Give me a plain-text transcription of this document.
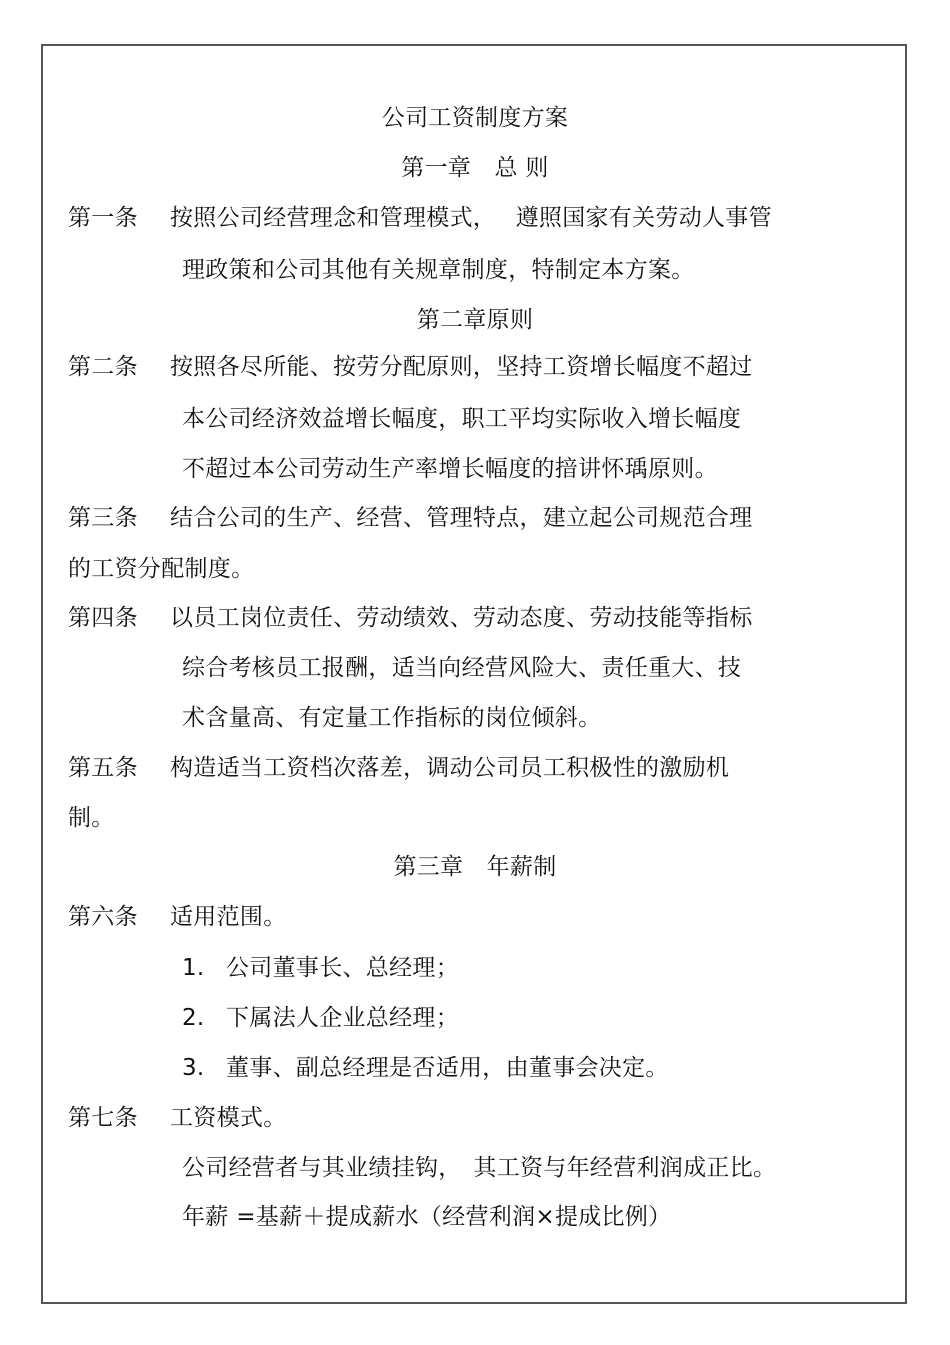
公司工资制度方案
第一章　总 则
第一条 按照公司经营理念和管理模式，　 遵照国家有关劳动人事管
理政策和公司其他有关规章制度，特制定本方案。
第二章原则
第二条 按照各尽所能、按劳分配原则，坚持工资增长幅度不超过
本公司经济效益增长幅度，职工平均实际收入增长幅度
不超过本公司劳动生产率增长幅度的揞讲怀瑀原则。
第三条 结合公司的生产、经营、管理特点，建立起公司规范合理
的工资分配制度。
第四条 以员工岗位责任、劳动绩效、劳动态度、劳动技能等指标
综合考核员工报酬，适当向经营风险大、责任重大、技
术含量高、有定量工作指标的岗位倾斜。
第五条 构造适当工资档次落差，调动公司员工积极性的激励机
制。
第三章　年薪制
第六条 适用范围。
1. 公司董事长、总经理；
2. 下属法人企业总经理；
3. 董事、副总经理是否适用，由董事会决定。
第七条 工资模式。
公司经营者与其业绩挂钩，　其工资与年经营利润成正比。
年薪 =基薪＋提成薪水（经营利润×提成比例）
